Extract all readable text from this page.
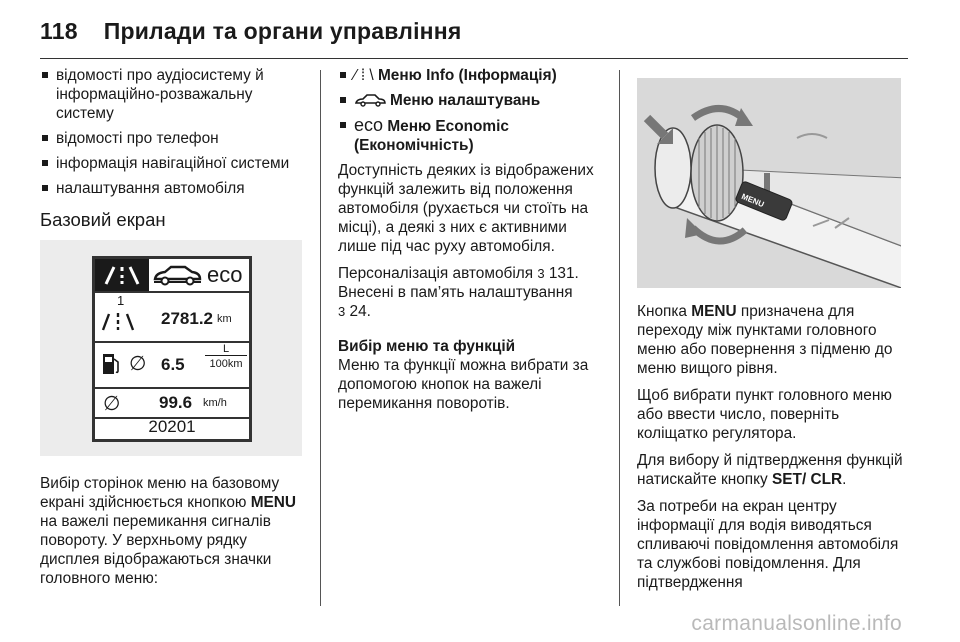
118 Прилади та органи управління
відомості про аудіосистему й інформаційно-розважальну систему
відомості про телефон
інформація навігаційної системи
налаштування автомобіля
Базовий екран
eco
1
2781.2 km
∅ 6.5
L
100km
∅ 99.6 km/h
20201

Вибір сторінок меню на базовому екрані здійснюється кнопкою MENU на важелі перемикання сигналів повороту. У верхньому рядку дисплея відображаються значки головного меню:

⁄ ⁞ \ Меню Info (Інформація)
Меню налаштувань
eco Меню Economic (Економічність)

Доступність деяких із відображених функцій залежить від положення автомобіля (рухається чи стоїть на місці), а деякі з них є активними лише під час руху автомобіля.

Персоналізація автомобіля 3 131. Внесені в пам’ять налаштування
3 24.

Вибір меню та функцій
Меню та функції можна вибрати за допомогою кнопок на важелі перемикання поворотів.

MENU

Кнопка MENU призначена для переходу між пунктами головного меню або повернення з підменю до меню вищого рівня.

Щоб вибрати пункт головного меню або ввести число, поверніть коліщатко регулятора.

Для вибору й підтвердження функцій натискайте кнопку SET/ CLR.

За потреби на екран центру інформації для водія виводяться спливаючі повідомлення автомобіля та службові повідомлення. Для підтвердження

carmanualsonline.info
